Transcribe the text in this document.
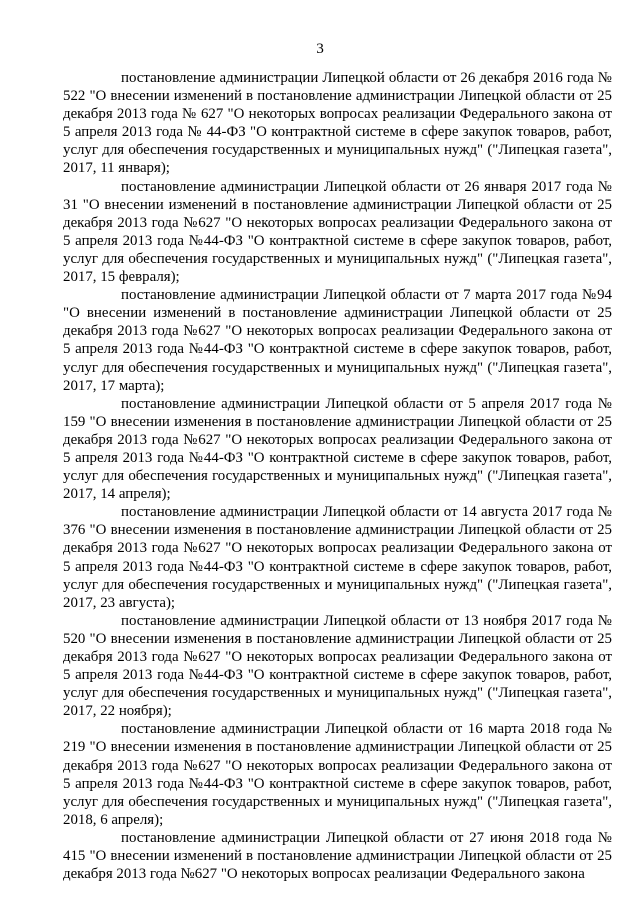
3

постановление администрации Липецкой области от 26 декабря 2016 года № 522 "О внесении изменений в постановление администрации Липецкой области от 25 декабря 2013 года № 627 "О некоторых вопросах реализации Федерального закона от 5 апреля 2013 года № 44-ФЗ "О контрактной системе в сфере закупок товаров, работ, услуг для обеспечения государственных и муниципальных нужд" ("Липецкая газета", 2017, 11 января);

постановление администрации Липецкой области от 26 января 2017 года № 31 "О внесении изменений в постановление администрации Липецкой области от 25 декабря 2013 года №627 "О некоторых вопросах реализации Федерального закона от 5 апреля 2013 года №44-ФЗ "О контрактной системе в сфере закупок товаров, работ, услуг для обеспечения государственных и муниципальных нужд" ("Липецкая газета", 2017, 15 февраля);

постановление администрации Липецкой области от 7 марта 2017 года №94 "О внесении изменений в постановление администрации Липецкой области от 25 декабря 2013 года №627 "О некоторых вопросах реализации Федерального закона от 5 апреля 2013 года №44-ФЗ "О контрактной системе в сфере закупок товаров, работ, услуг для обеспечения государственных и муниципальных нужд" ("Липецкая газета", 2017, 17 марта);

постановление администрации Липецкой области от 5 апреля 2017 года № 159 "О внесении изменения в постановление администрации Липецкой области от 25 декабря 2013 года №627 "О некоторых вопросах реализации Федерального закона от 5 апреля 2013 года №44-ФЗ "О контрактной системе в сфере закупок товаров, работ, услуг для обеспечения государственных и муниципальных нужд" ("Липецкая газета", 2017, 14 апреля);

постановление администрации Липецкой области от 14 августа 2017 года № 376 "О внесении изменения в постановление администрации Липецкой области от 25 декабря 2013 года №627 "О некоторых вопросах реализации Федерального закона от 5 апреля 2013 года №44-ФЗ "О контрактной системе в сфере закупок товаров, работ, услуг для обеспечения государственных и муниципальных нужд" ("Липецкая газета", 2017, 23 августа);

постановление администрации Липецкой области от 13 ноября 2017 года № 520 "О внесении изменения в постановление администрации Липецкой области от 25 декабря 2013 года №627 "О некоторых вопросах реализации Федерального закона от 5 апреля 2013 года №44-ФЗ "О контрактной системе в сфере закупок товаров, работ, услуг для обеспечения государственных и муниципальных нужд" ("Липецкая газета", 2017, 22 ноября);

постановление администрации Липецкой области от 16 марта 2018 года № 219 "О внесении изменения в постановление администрации Липецкой области от 25 декабря 2013 года №627 "О некоторых вопросах реализации Федерального закона от 5 апреля 2013 года №44-ФЗ "О контрактной системе в сфере закупок товаров, работ, услуг для обеспечения государственных и муниципальных нужд" ("Липецкая газета", 2018, 6 апреля);

постановление администрации Липецкой области от 27 июня 2018 года № 415 "О внесении изменений в постановление администрации Липецкой области от 25 декабря 2013 года №627 "О некоторых вопросах реализации Федерального закона
